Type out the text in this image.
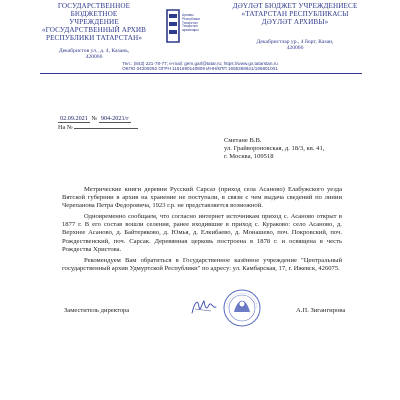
ГОСУДАРСТВЕННОЕ БЮДЖЕТНОЕ
УЧРЕЖДЕНИЕ
«ГОСУДАРСТВЕННЫЙ АРХИВ
РЕСПУБЛИКИ ТАТАРСТАН»
Декабристов ул., д. 4, Казань,
420066
Архивы
Республики
Татарстан
Татарстан
архивлары
ДӘҮЛӘТ БЮДЖЕТ УЧРЕЖДЕНИЕСЕ
«ТАТАРСТАН РЕСПУБЛИКАСЫ
ДӘҮЛӘТ АРХИВЫ»
Декабристлар ур., 4 йорт, Казан,
420066
Тел.: (843) 221-78-77; e-mail: gem.garl@tatar.ru; https://www.gx.tatarstan.ru
ОКПО 04209292 ОГРН 1161690140809 ИНН/КПП 1655369841/165801001
02.09.2021 № 904-2021/г
На №
Сметане В.В.
ул. Грайвороновская, д. 18/3, кв. 41,
г. Москва, 109518

Метрические книги деревни Русский Сарсаз (приход села Асаново) Елабужского уезда Вятской губернии в архив на хранение не поступали, в связи с чем выдача сведений по линии Черепанова Петра Федоровича, 1923 г.р. не представляется возможной.

Одновременно сообщаем, что согласно интернет источникам приход с. Асаново открыт в 1877 г. В его состав вошли селения, ранее входившие в приход с. Кураково: село Асаново, д. Верхнее Асаново, д. Байтеряково, д. Юмья, д. Елкибаево, д. Монашево, поч. Покровский, поч. Рождественский, поч. Сарсак. Деревянная церковь построена в 1878 г. и освящена в честь Рождества Христова.

Рекомендуем Вам обратиться в Государственное казённое учреждение "Центральный государственный архив Удмуртской Республики" по адресу: ул. Камбарская, 17, г. Ижевск, 426075.

Заместитель директора	А.П. Зигангирова
